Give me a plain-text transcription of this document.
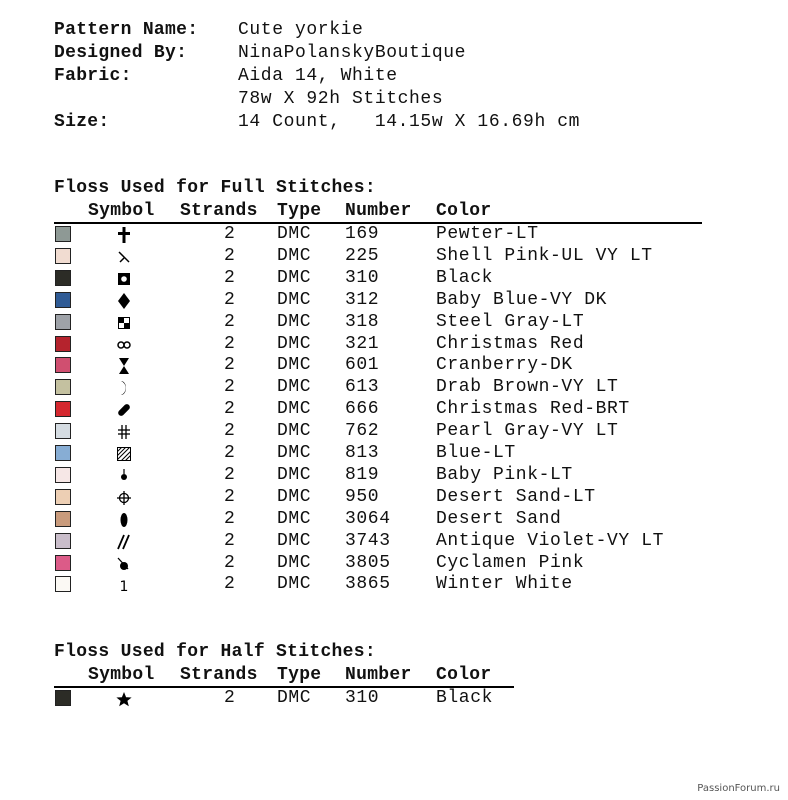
Pattern Name: Cute yorkie
Designed By:	NinaPolanskyBoutique
Fabric:	Aida 14, White
78w X 92h Stitches
Size:	14 Count,   14.15w X 16.69h cm
Floss Used for Full Stitches:
Symbol Strands Type Number Color
2 DMC 169	Pewter-LT
2 DMC 225	Shell Pink-UL VY LT
2 DMC 310	Black
2 DMC 312	Baby Blue-VY DK
2 DMC 318	Steel Gray-LT
2 DMC 321	Christmas Red
2 DMC 601	Cranberry-DK
2 DMC 613	Drab Brown-VY LT
2 DMC 666	Christmas Red-BRT
2 DMC 762	Pearl Gray-VY LT
2 DMC 813	Blue-LT
2 DMC 819	Baby Pink-LT
2 DMC 950	Desert Sand-LT
2 DMC 3064	Desert Sand
2 DMC 3743	Antique Violet-VY LT
2 DMC 3805	Cyclamen Pink
1	2 DMC 3865	Winter White
Floss Used for Half Stitches:
Symbol Strands Type Number Color
2 DMC 310	Black
PassionForum.ru
